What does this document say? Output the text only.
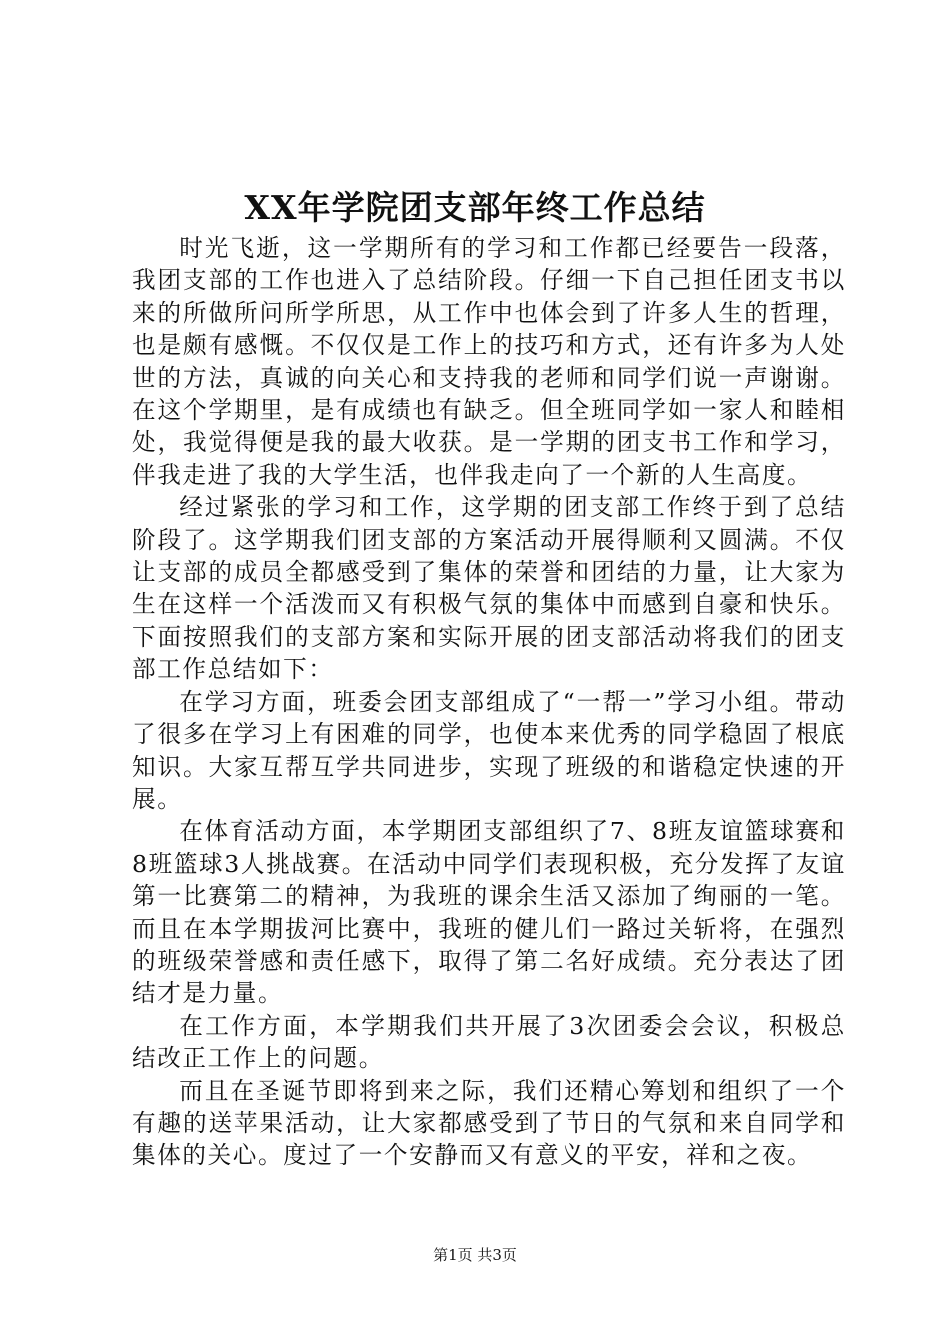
XX年学院团支部年终工作总结

时光飞逝，这一学期所有的学习和工作都已经要告一段落，我团支部的工作也进入了总结阶段。仔细一下自己担任团支书以来的所做所问所学所思，从工作中也体会到了许多人生的哲理，也是颇有感慨。不仅仅是工作上的技巧和方式，还有许多为人处世的方法，真诚的向关心和支持我的老师和同学们说一声谢谢。在这个学期里，是有成绩也有缺乏。但全班同学如一家人和睦相处，我觉得便是我的最大收获。是一学期的团支书工作和学习，伴我走进了我的大学生活，也伴我走向了一个新的人生高度。

经过紧张的学习和工作，这学期的团支部工作终于到了总结阶段了。这学期我们团支部的方案活动开展得顺利又圆满。不仅让支部的成员全都感受到了集体的荣誉和团结的力量，让大家为生在这样一个活泼而又有积极气氛的集体中而感到自豪和快乐。下面按照我们的支部方案和实际开展的团支部活动将我们的团支部工作总结如下：

在学习方面，班委会团支部组成了“一帮一”学习小组。带动了很多在学习上有困难的同学，也使本来优秀的同学稳固了根底知识。大家互帮互学共同进步，实现了班级的和谐稳定快速的开展。

在体育活动方面，本学期团支部组织了7、8班友谊篮球赛和8班篮球3人挑战赛。在活动中同学们表现积极，充分发挥了友谊第一比赛第二的精神，为我班的课余生活又添加了绚丽的一笔。而且在本学期拔河比赛中，我班的健儿们一路过关斩将，在强烈的班级荣誉感和责任感下，取得了第二名好成绩。充分表达了团结才是力量。

在工作方面，本学期我们共开展了3次团委会会议，积极总结改正工作上的问题。

而且在圣诞节即将到来之际，我们还精心筹划和组织了一个有趣的送苹果活动，让大家都感受到了节日的气氛和来自同学和集体的关心。度过了一个安静而又有意义的平安，祥和之夜。

第1页 共3页
